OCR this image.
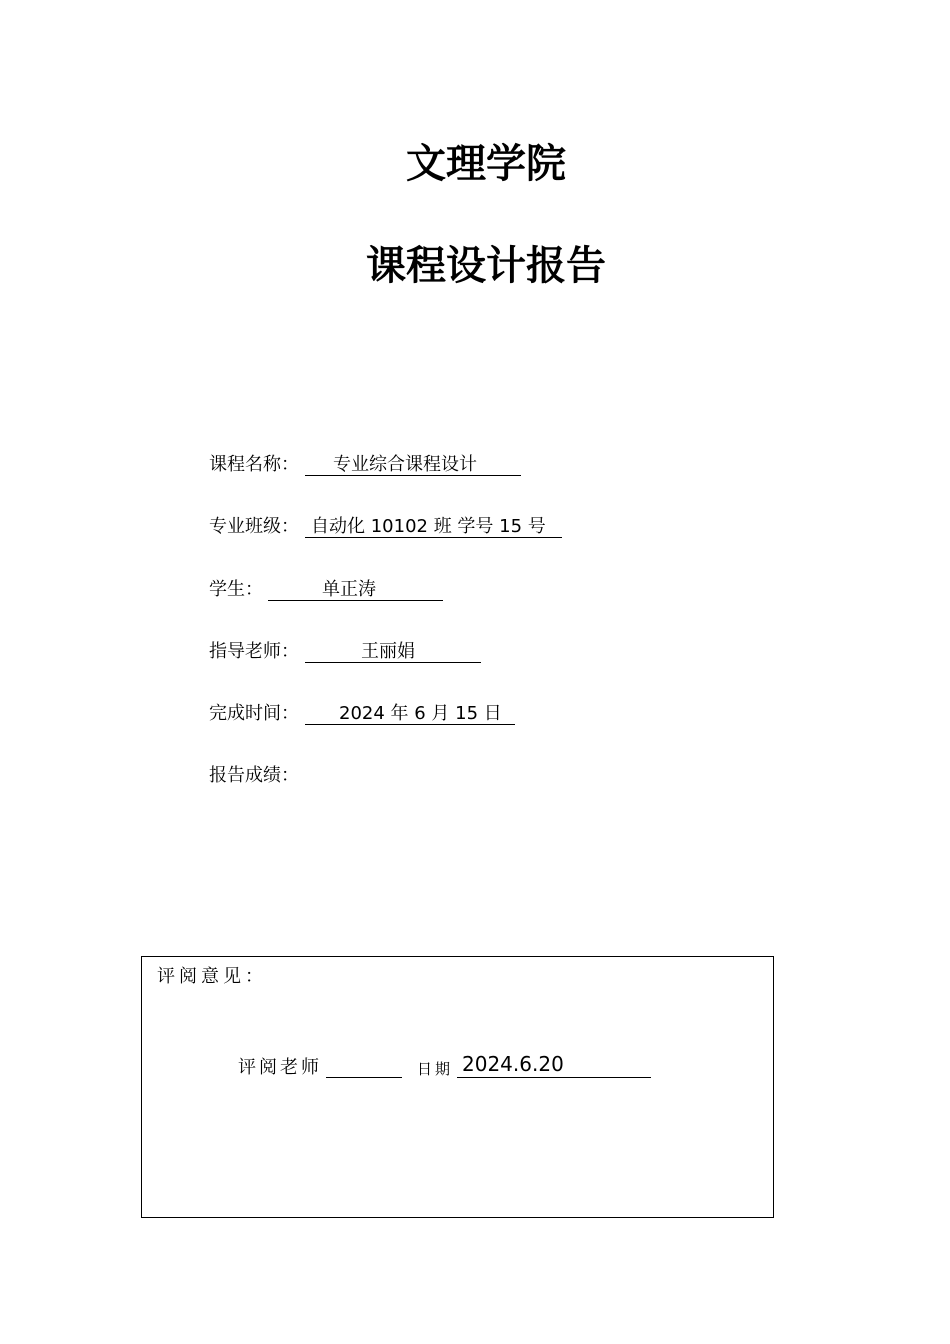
文理学院
课程设计报告
课程名称： 专业综合课程设计
专业班级： 自动化 10102 班 学号 15 号
学生：	单正涛
指导老师：	王丽娟
完成时间： 2024 年 6 月 15 日
报告成绩：
评阅意见：
评阅老师	日期 2024.6.20
